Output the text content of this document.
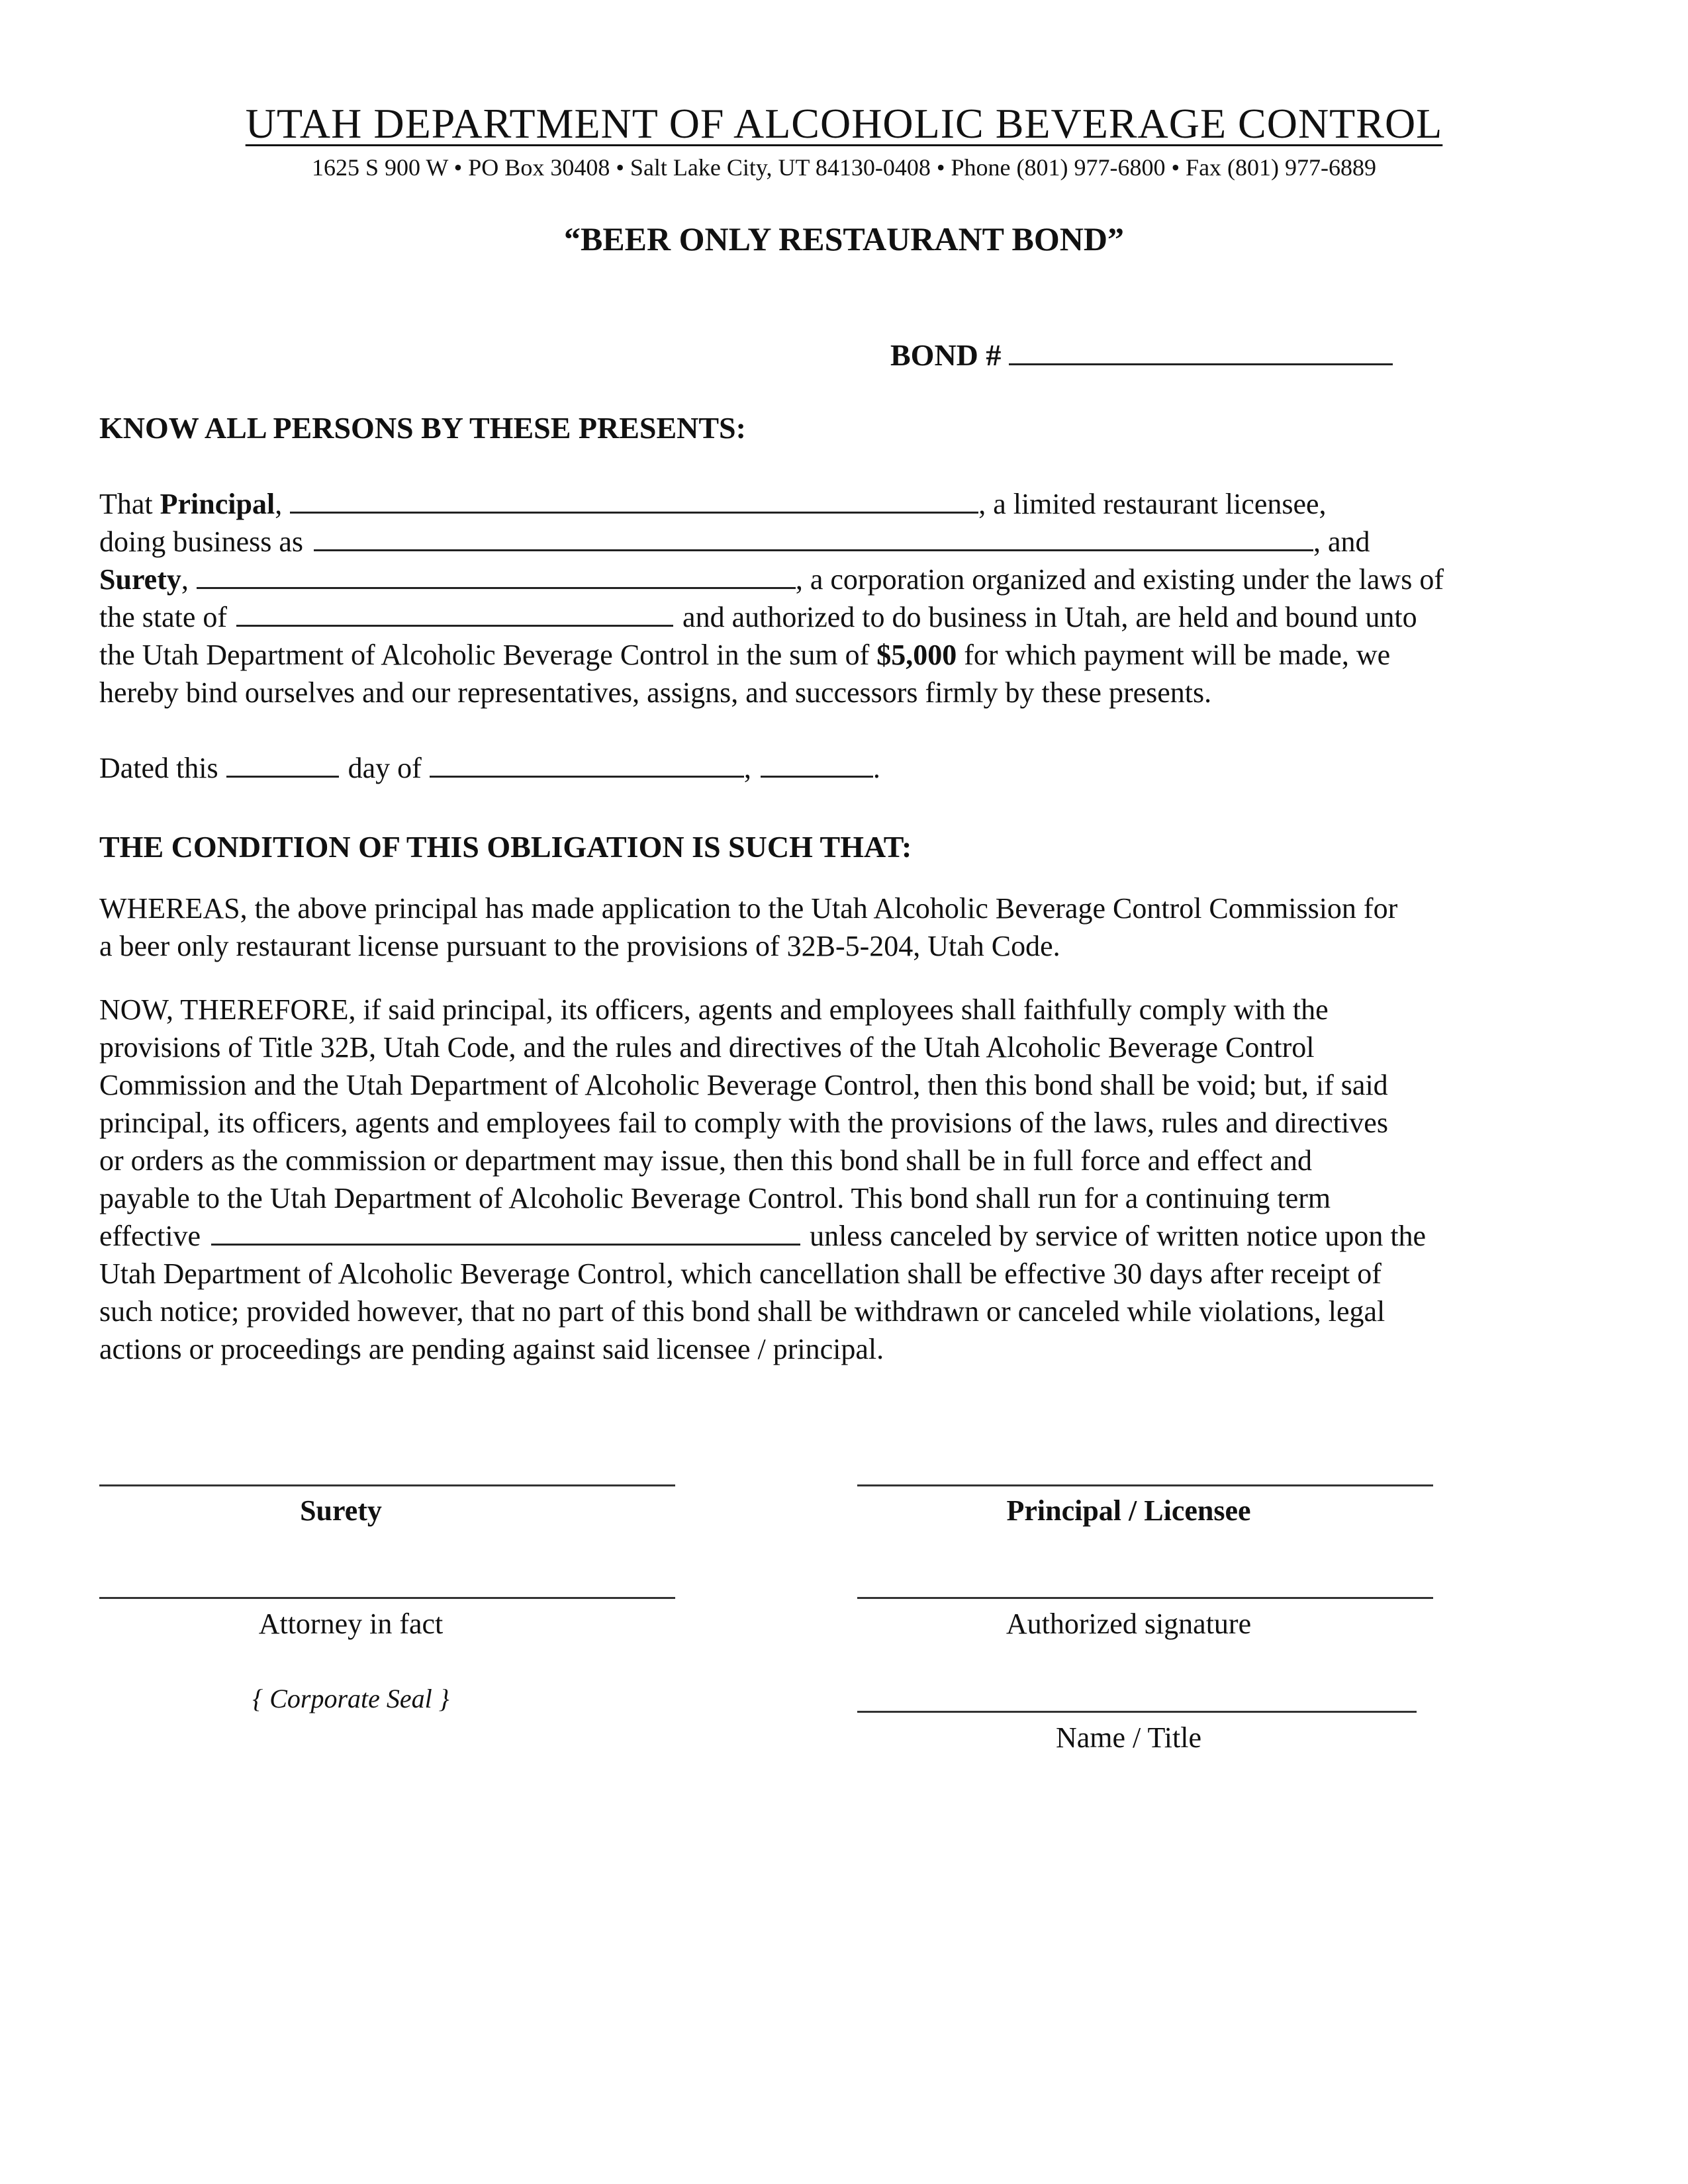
UTAH DEPARTMENT OF ALCOHOLIC BEVERAGE CONTROL
1625 S 900 W • PO Box 30408 • Salt Lake City, UT 84130-0408 • Phone (801) 977-6800 • Fax (801) 977-6889
“BEER ONLY RESTAURANT BOND”
BOND #
KNOW ALL PERSONS BY THESE PRESENTS:
That Principal,	, a limited restaurant licensee,
doing business as	, and
Surety,	, a corporation organized and existing under the laws of
the state of	and authorized to do business in Utah, are held and bound unto
the Utah Department of Alcoholic Beverage Control in the sum of $5,000 for which payment will be made, we
hereby bind ourselves and our representatives, assigns, and successors firmly by these presents.
Dated this	day of	,	.
THE CONDITION OF THIS OBLIGATION IS SUCH THAT:
WHEREAS, the above principal has made application to the Utah Alcoholic Beverage Control Commission for
a beer only restaurant license pursuant to the provisions of 32B-5-204, Utah Code.
NOW, THEREFORE, if said principal, its officers, agents and employees shall faithfully comply with the
provisions of Title 32B, Utah Code, and the rules and directives of the Utah Alcoholic Beverage Control
Commission and the Utah Department of Alcoholic Beverage Control, then this bond shall be void; but, if said
principal, its officers, agents and employees fail to comply with the provisions of the laws, rules and directives
or orders as the commission or department may issue, then this bond shall be in full force and effect and
payable to the Utah Department of Alcoholic Beverage Control. This bond shall run for a continuing term
effective	unless canceled by service of written notice upon the
Utah Department of Alcoholic Beverage Control, which cancellation shall be effective 30 days after receipt of
such notice; provided however, that no part of this bond shall be withdrawn or canceled while violations, legal
actions or proceedings are pending against said licensee / principal.
Surety	Principal / Licensee
Attorney in fact	Authorized signature
{ Corporate Seal }
Name / Title
